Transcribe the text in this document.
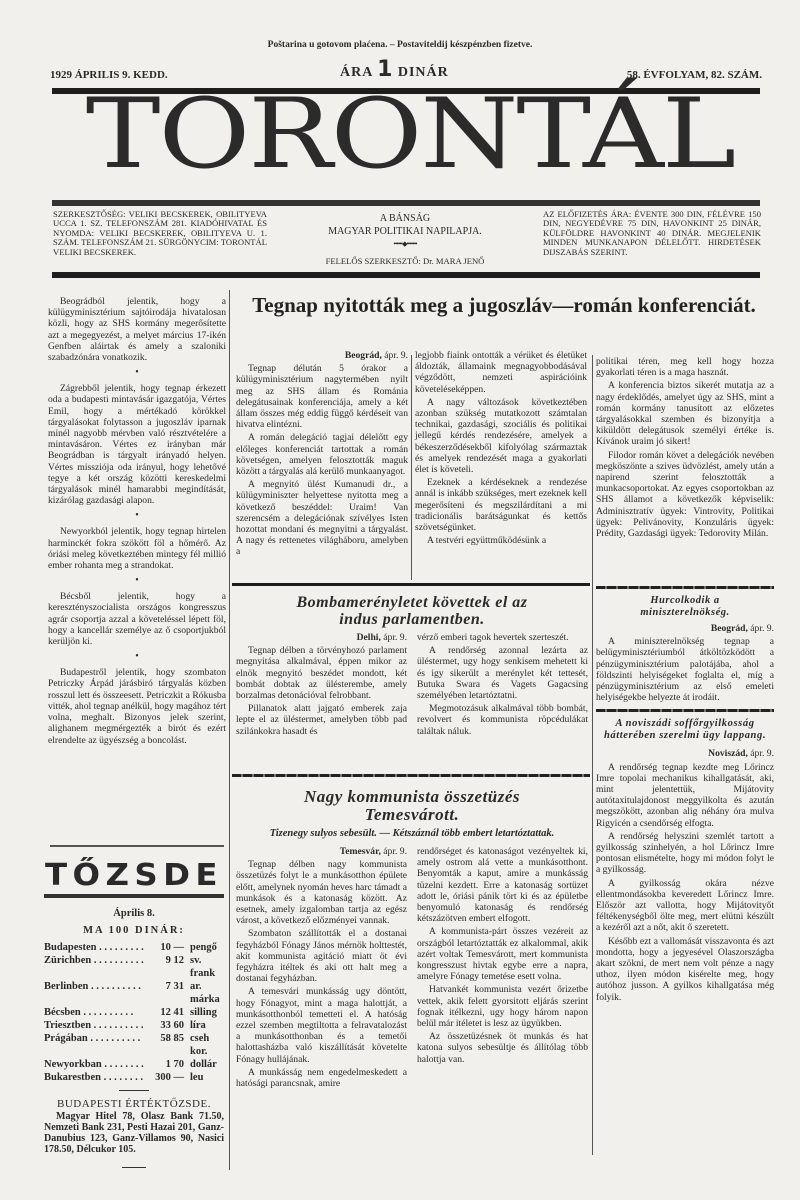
Poštarina u gotovom plaćena. – Postaviteldij készpénzben fizetve.
1929 ÁPRILIS 9. KEDD.	ÁRA 1 DINÁR	58. ÉVFOLYAM, 82. SZÁM.
TORONTÁL
SZERKESZTŐSÉG: VELIKI BECSKEREK, OBILITYEVA UCCA 1. SZ. TELEFONSZÁM 281. KIADÓHIVATAL ÉS NYOMDA: VELIKI BECSKEREK, OBILITYEVA U. 1. SZÁM. TELEFONSZÁM 21. SÜRGÖNYCIM: TORONTÁL VELIKI BECSKEREK.
A BÁNSÁG
MAGYAR POLITIKAI NAPILAPJA.
••••••◆•••••••
FELELŐS SZERKESZTŐ: Dr. MARA JENŐ
AZ ELŐFIZETÉS ÁRA: ÉVENTE 300 DIN, FÉLÉVRE 150 DIN, NEGYEDÉVRE 75 DIN, HAVONKINT 25 DINÁR, KÜLFÖLDRE HAVONKINT 40 DINÁR. MEGJELENIK MINDEN MUNKANAPON DÉLELŐTT. HIRDETÉSEK DIJSZABÁS SZERINT.

Beográdból jelentik, hogy a külügyminisztérium sajtóirodája hivatalosan közli, hogy az SHS kormány megerősítette azt a megegyezést, a melyet március 17-ikén Genfben aláirtak és amely a szaloniki szabadzónára vonatkozik.

•

Zágrebből jelentik, hogy tegnap érkezett oda a budapesti mintavásár igazgatója, Vértes Emil, hogy a mértékadó körökkel tárgyalásokat folytasson a jugoszláv iparnak minél nagyobb mérvben való résztvételére a mintavásáron. Vértes ez irányban már Beográdban is tárgyalt irányadó helyen. Vértes missziója oda irányul, hogy lehetővé tegye a két ország közötti kereskedelmi tárgyalások minél hamarabbi megindítását, kizárólag gazdasági alapon.

•

Newyorkból jelentik, hogy tegnap hirtelen harminckét fokra szökött föl a hőmérő. Az óriási meleg következtében mintegy fél millió ember rohanta meg a strandokat.

•

Bécsből jelentik, hogy a keresztényszocialista országos kongresszus agrár csoportja azzal a követeléssel lépett föl, hogy a kancellár személye az ő csoportjukból kerüljön ki.

•

Budapestről jelentik, hogy szombaton Petriczky Árpád járásbiró tárgyalás közben rosszul lett és összeesett. Petriczkit a Rókusba vitték, ahol tegnap anélkül, hogy magához tért volna, meghalt. Bizonyos jelek szerint, alighanem megmérgezték a birót és ezért elrendelte az ügyészség a boncolást.

TŐZSDE
Április 8.
MA 100 DINÁR:
Budapesten . . .	10 — pengő
Zürichben . . .	9 12 sv. frank
Berlinben . . .	7 31 ar. márka
Bécsben . . .	12 41 silling
Triesztben . . .	33 60 líra
Prágában . . .	58 85 cseh kor.
Newyorkban . . .	1 70 dollár
Bukarestben . . .	300 — leu
BUDAPESTI ÉRTÉKTŐZSDE.

Magyar Hitel 78, Olasz Bank 71.50, Nemzeti Bank 231, Pesti Hazai 201, Ganz-Danubius 123, Ganz-Villamos 90, Nasici 178.50, Délcukor 105.

Tegnap nyitották meg a jugoszláv—román konferenciát.
Beográd, ápr. 9.

Tegnap délután 5 órakor a külügyminisztérium nagytermében nyilt meg az SHS állam és Románia delegátusainak konferenciája, amely a két állam összes még eddig függő kérdéseit van hivatva elintézni.

A román delegáció tagjai délelőtt egy előleges konferenciát tartottak a román követségen, amelyen felosztották maguk között a tárgyalás alá kerülő munkaanyagot.

A megnyitó ülést Kumanudi dr., a külügyminiszter helyettese nyitotta meg a következő beszéddel: Uraim! Van szerencsém a delegációnak szívélyes Isten hozottat mondani és megnyitni a tárgyalást. A nagy és rettenetes világháboru, amelyben a

legjobb fiaink ontották a vérüket és életüket áldozták, államaink megnagyobbodásával végződött, nemzeti aspirációink követeléseképpen.

A nagy változások következtében azonban szükség mutatkozott számtalan technikai, gazdasági, szociális és politikai jellegű kérdés rendezésére, amelyek a békeszerződésekből kifolyólag származtak és amelyek rendezését maga a gyakorlati élet is követeli.

Ezeknek a kérdéseknek a rendezése annál is inkább szükséges, mert ezeknek kell megerősíteni és megszilárdítani a mi tradicionális barátságunkat és kettős szövetségünket.

A testvéri együttműködésünk a

politikai téren, meg kell hogy hozza gyakorlati téren is a maga hasznát.

A konferencia biztos sikerét mutatja az a nagy érdeklődés, amelyet úgy az SHS, mint a román kormány tanusított az előzetes tárgyalásokkal szemben és bizonyítja a kiküldött delegátusok személyi értéke is. Kívánok uraim jó sikert!

Filodor román követ a delegációk nevében megköszönte a szives üdvözlést, amely után a napirend szerint felosztották a munkacsoportokat. Az egyes csoportokban az SHS államot a következők képviselik: Adminisztratív ügyek: Vintrovity, Politikai ügyek: Pelivánovity, Konzuláris ügyek: Prédity, Gazdasági ügyek: Tedorovity Milán.

Bombamerényletet követtek el az indus parlamentben.
Delhi, ápr. 9.

Tegnap délben a törvényhozó parlament megnyitása alkalmával, éppen mikor az elnök megnyitó beszédet mondott, két bombát dobtak az ülésterembe, amely borzalmas detonációval felrobbant.

Pillanatok alatt jajgató emberek zaja lepte el az üléstermet, amelyben több pad szilánkokra hasadt és

vérző emberi tagok hevertek szerteszét.

A rendőrség azonnal lezárta az üléstermet, ugy hogy senkisem mehetett ki és igy sikerült a merénylet két tettesét, Butuka Swara és Vagets Gagacsing személyében letartóztatni.

Megmotozásuk alkalmával több bombát, revolvert és kommunista röpcédulákat találtak náluk.

Nagy kommunista összetüzés Temesvárott.
Tizenegy sulyos sebesült. — Kétszáznál több embert letartóztattak.
Temesvár, ápr. 9.

Tegnap délben nagy kommunista összetüzés folyt le a munkásotthon épülete előtt, amelynek nyomán heves harc támadt a munkások és a katonaság között. Az esetnek, amely izgalomban tartja az egész várost, a következő előzményei vannak.

Szombaton szállították el a dostanai fegyházból Fónagy János mérnök holttestét, akit kommunista agitáció miatt öt évi fegyházra itéltek és aki ott halt meg a dostanai fegyházban.

A temesvári munkásság ugy döntött, hogy Fónagyot, mint a maga halottját, a munkásotthonból temetteti el. A hatóság ezzel szemben megtiltotta a felravatalozást a munkásotthonban és a temetői halottasházba való kiszállítását követelte Fónagy hullájának.

A munkásság nem engedelmeskedett a hatósági parancsnak, amire

rendőrséget és katonaságot vezényeltek ki, amely ostrom alá vette a munkásotthont. Benyomták a kaput, amire a munkásság tüzelni kezdett. Erre a katonaság sortüzet adott le, óriási pánik tört ki és az épületbe benyomuló katonaság és rendőrség kétszázötven embert elfogott.

A kommunista-párt összes vezéreit az országból letartóztatták ez alkalommal, akik azért voltak Temesvárott, mert kommunista kongresszust hivtak egybe erre a napra, amelyre Fónagy temetése esett volna.

Hatvankét kommunista vezért őrizetbe vettek, akik felett gyorsitott eljárás szerint fognak itélkezni, ugy hogy három napon belül már itéletet is lesz az ügyükben.

Az összetüzésnek öt munkás és hat katona sulyos sebesültje és állítólag több halottja van.

Hurcolkodik a miniszterelnökség.
Beográd, ápr. 9.

A miniszterelnökség tegnap a belügyminisztériumból átköltözködött a pénzügyminisztérium palotájába, ahol a földszinti helyiségeket foglalta el, míg a pénzügyminisztérium az első emeleti helyiségekbe helyezte át irodáit.

A noviszádi soffőrgyilkosság hátterében szerelmi ügy lappang.
Noviszád, ápr. 9.

A rendőrség tegnap kezdte meg Lőrincz Imre topolai mechanikus kihallgatását, aki, mint jelentettük, Mijátovity autótaxitulajdonost meggyilkolta és azután megszökött, azonban alig néhány óra mulva Rigyicén a csendőrség elfogta.

A rendőrség helyszini szemlét tartott a gyilkosság szinhelyén, a hol Lőrincz Imre pontosan elismételte, hogy mi módon folyt le a gyilkosság.

A gyilkosság okára nézve ellentmondásokba keveredett Lőrincz Imre. Először azt vallotta, hogy Mijátovityőt féltékenységből ölte meg, mert elütni készült a kezéről azt a nőt, akit ő szeretett.

Később ezt a vallomását visszavonta és azt mondotta, hogy a jegyesével Olaszországba akart szökni, de mert nem volt pénze a nagy uthoz, ilyen módon kisérelte meg, hogy autóhoz jusson. A gyilkos kihallgatása még folyik.
